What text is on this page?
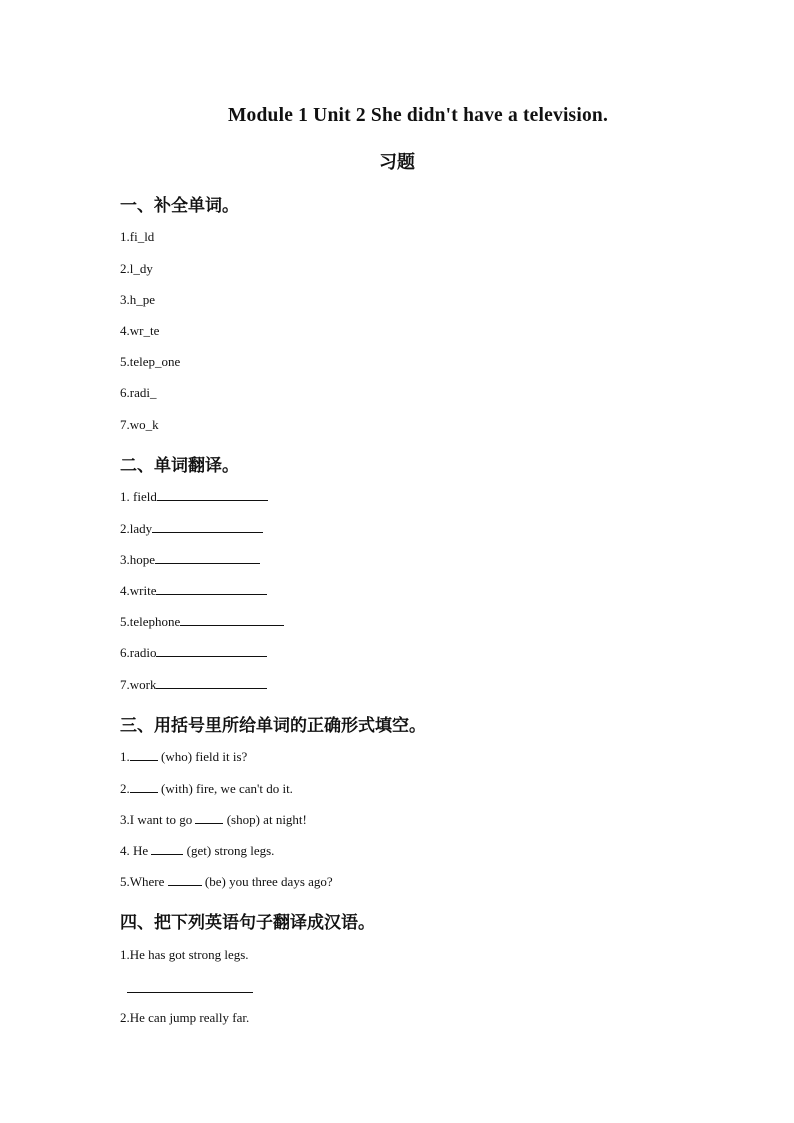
Module 1 Unit 2 She didn't have a television.
习题
一、补全单词。
1.fi_ld
2.l_dy
3.h_pe
4.wr_te
5.telep_one
6.radi_
7.wo_k
二、单词翻译。
1. field
2.lady
3.hope
4.write
5.telephone
6.radio
7.work
三、用括号里所给单词的正确形式填空。
1. (who) field it is?
2. (with) fire, we can't do it.
3.I want to go  (shop) at night!
4. He  (get) strong legs.
5.Where	(be) you three days ago?
四、把下列英语句子翻译成汉语。
1.He has got strong legs.
2.He can jump really far.
